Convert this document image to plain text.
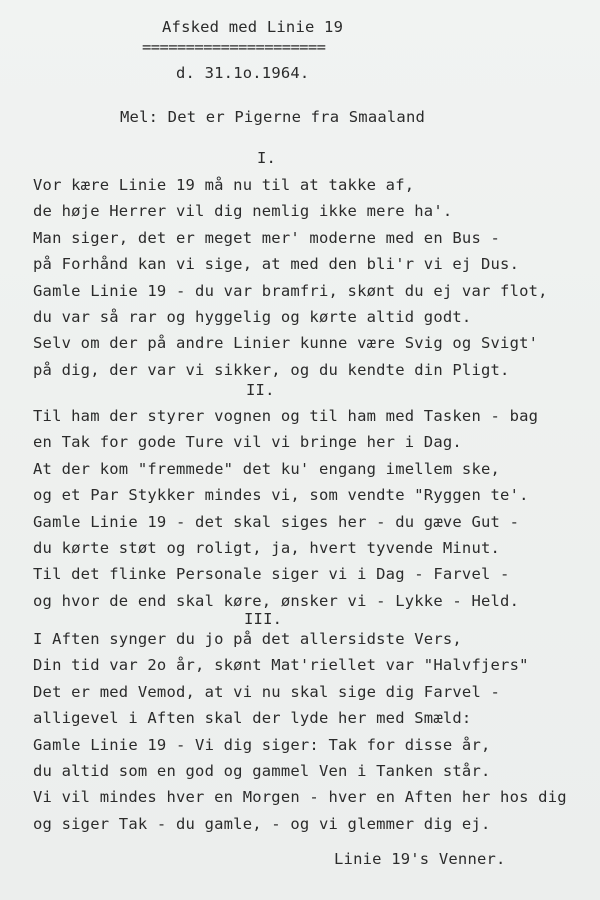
Afsked med Linie 19
=====================
d. 31.1o.1964.
Mel: Det er Pigerne fra Smaaland
I.
Vor kære Linie 19 må nu til at takke af,
de høje Herrer vil dig nemlig ikke mere ha'.
Man siger, det er meget mer' moderne med en Bus -
på Forhånd kan vi sige, at med den bli'r vi ej Dus.
Gamle Linie 19 - du var bramfri, skønt du ej var flot,
du var så rar og hyggelig og kørte altid godt.
Selv om der på andre Linier kunne være Svig og Svigt'
på dig, der var vi sikker, og du kendte din Pligt.
II.
Til ham der styrer vognen og til ham med Tasken - bag
en Tak for gode Ture vil vi bringe her i Dag.
At der kom "fremmede" det ku' engang imellem ske,
og et Par Stykker mindes vi, som vendte "Ryggen te'.
Gamle Linie 19 - det skal siges her - du gæve Gut -
du kørte støt og roligt, ja, hvert tyvende Minut.
Til det flinke Personale siger vi i Dag - Farvel -
og hvor de end skal køre, ønsker vi - Lykke - Held.
III.
I Aften synger du jo på det allersidste Vers,
Din tid var 2o år, skønt Mat'riellet var "Halvfjers"
Det er med Vemod, at vi nu skal sige dig Farvel -
alligevel i Aften skal der lyde her med Smæld:
Gamle Linie 19 - Vi dig siger: Tak for disse år,
du altid som en god og gammel Ven i Tanken står.
Vi vil mindes hver en Morgen - hver en Aften her hos dig
og siger Tak - du gamle, - og vi glemmer dig ej.
Linie 19's Venner.
